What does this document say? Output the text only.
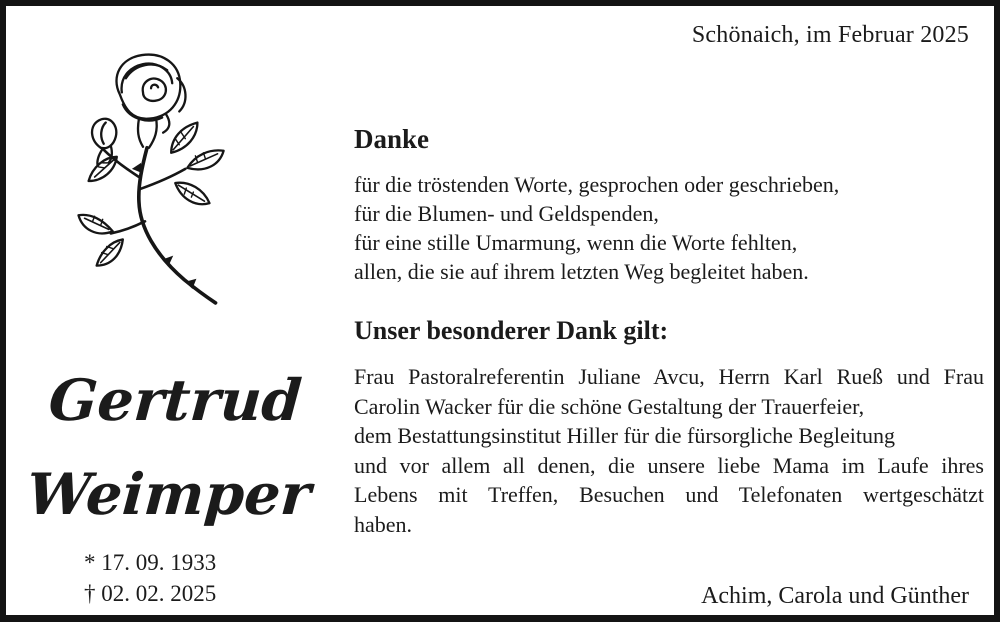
Schönaich, im Februar 2025
Danke
für die tröstenden Worte, gesprochen oder geschrieben,
für die Blumen- und Geldspenden,
für eine stille Umarmung, wenn die Worte fehlten,
allen, die sie auf ihrem letzten Weg begleitet haben.
Unser besonderer Dank gilt:
Frau Pastoralreferentin Juliane Avcu, Herrn Karl Rueß und Frau
Carolin Wacker für die schöne Gestaltung der Trauerfeier,
dem Bestattungsinstitut Hiller für die fürsorgliche Begleitung
und vor allem all denen, die unsere liebe Mama im Laufe ihres
Lebens mit Treffen, Besuchen und Telefonaten wertgeschätzt
haben.
Gertrud
Weimper
* 17. 09. 1933
† 02. 02. 2025	Achim, Carola und Günther
